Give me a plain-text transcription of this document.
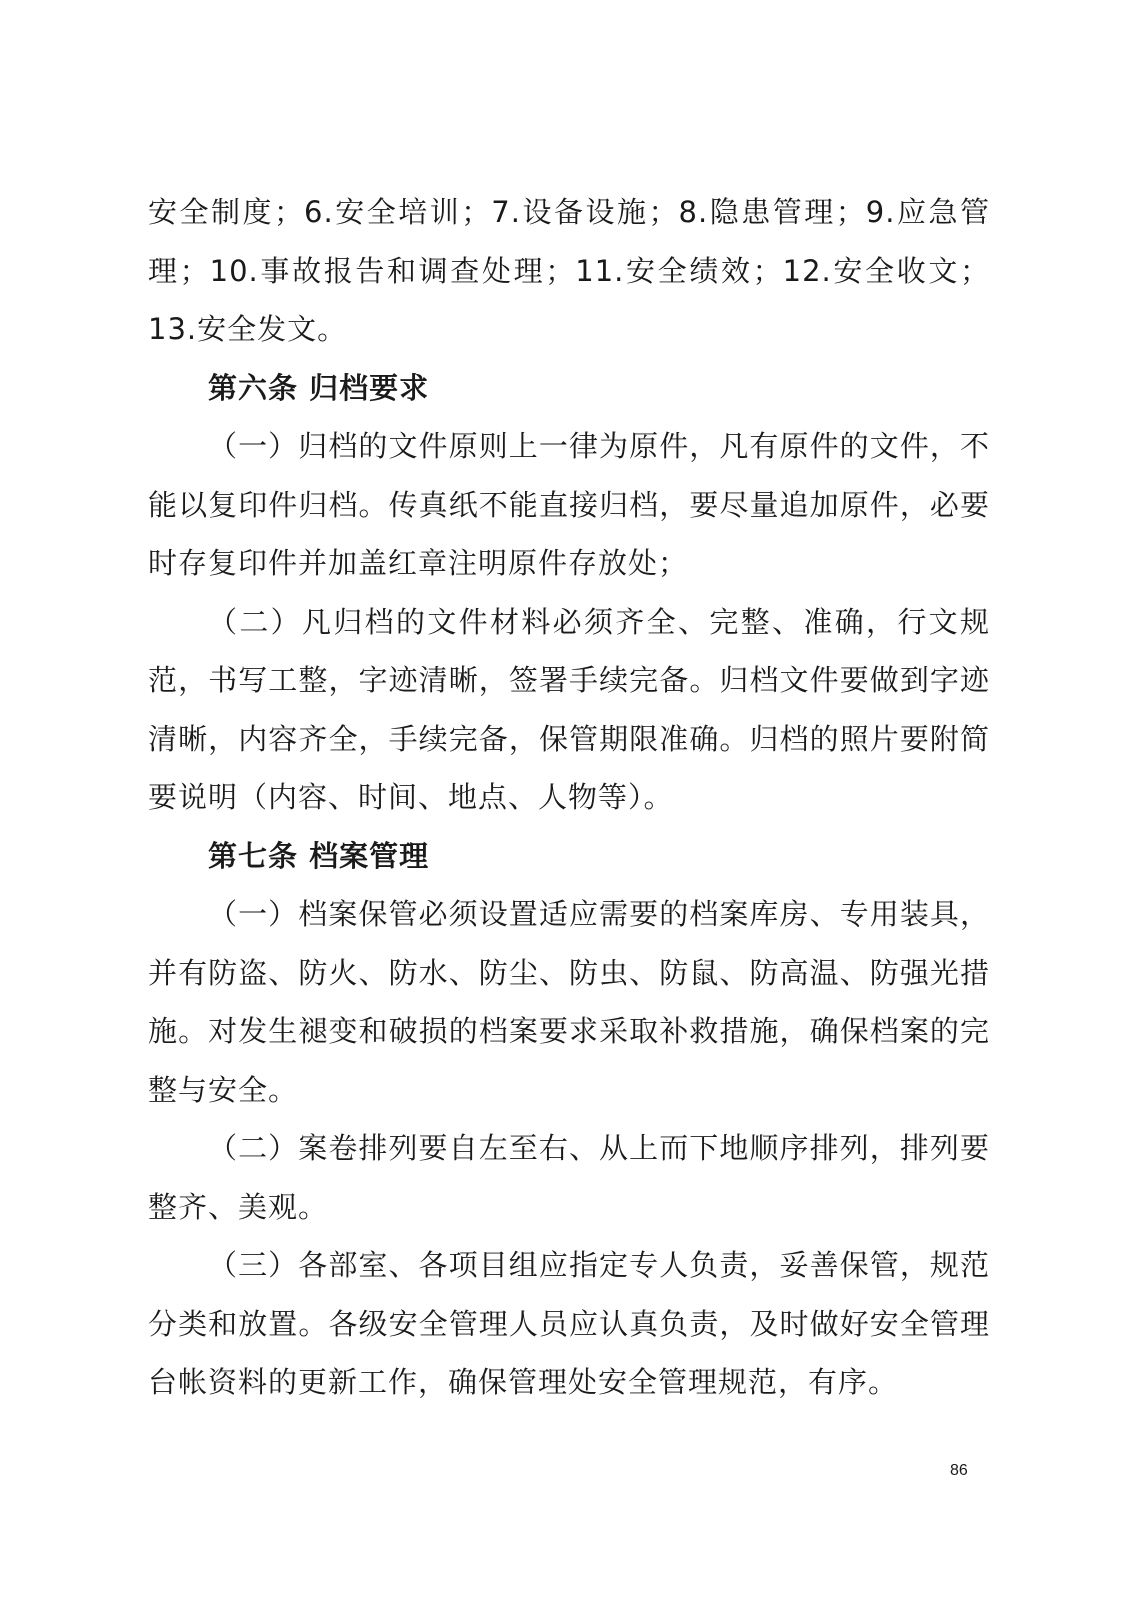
安全制度；6.安全培训；7.设备设施；8.隐患管理；9.应急管理；10.事故报告和调查处理；11.安全绩效；12.安全收文；13.安全发文。

第六条 归档要求

（一）归档的文件原则上一律为原件，凡有原件的文件，不能以复印件归档。传真纸不能直接归档，要尽量追加原件，必要时存复印件并加盖红章注明原件存放处；

（二）凡归档的文件材料必须齐全、完整、准确，行文规范，书写工整，字迹清晰，签署手续完备。归档文件要做到字迹清晰，内容齐全，手续完备，保管期限准确。归档的照片要附简要说明（内容、时间、地点、人物等）。

第七条 档案管理

（一）档案保管必须设置适应需要的档案库房、专用装具，并有防盗、防火、防水、防尘、防虫、防鼠、防高温、防强光措施。对发生褪变和破损的档案要求采取补救措施，确保档案的完整与安全。

（二）案卷排列要自左至右、从上而下地顺序排列，排列要整齐、美观。

（三）各部室、各项目组应指定专人负责，妥善保管，规范分类和放置。各级安全管理人员应认真负责，及时做好安全管理台帐资料的更新工作，确保管理处安全管理规范，有序。

86
